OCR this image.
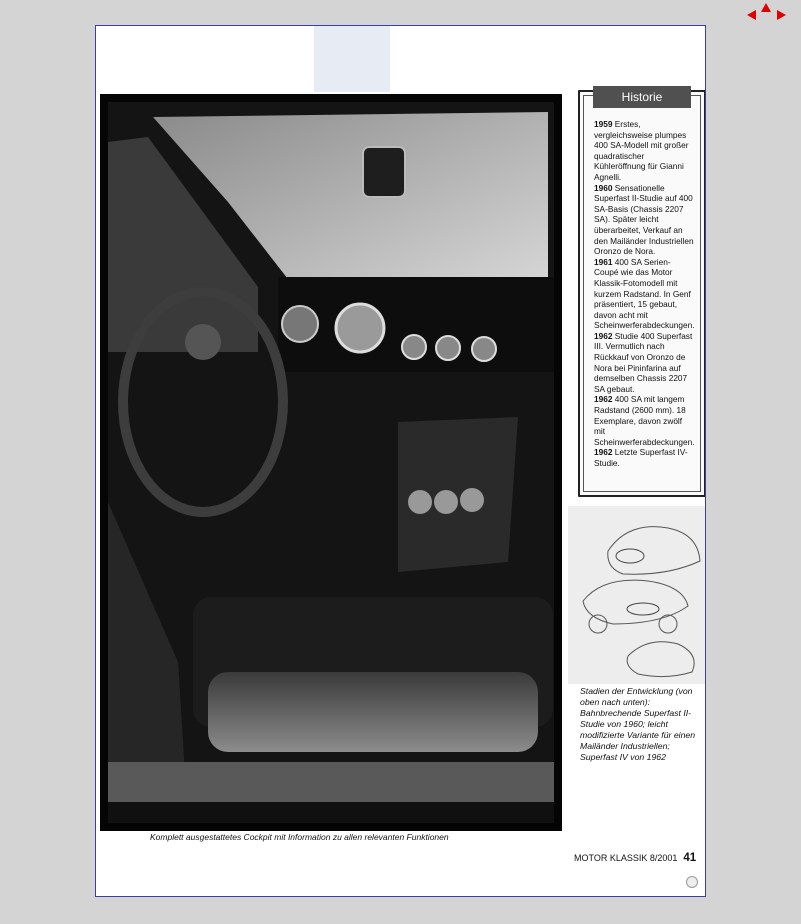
Historie

1959 Erstes, vergleichsweise plumpes 400 SA-Modell mit großer quadratischer Kühleröffnung für Gianni Agnelli.

1960 Sensationelle Superfast II-Studie auf 400 SA-Basis (Chassis 2207 SA). Später leicht überarbeitet, Verkauf an den Mailänder Industriellen Oronzo de Nora.

1961 400 SA Serien-Coupé wie das Motor Klassik-Fotomodell mit kurzem Radstand. In Genf präsentiert, 15 gebaut, davon acht mit Scheinwerferabdeckungen.

1962 Studie 400 Superfast III. Vermutlich nach Rückkauf von Oronzo de Nora bei Pininfarina auf demselben Chassis 2207 SA gebaut.

1962 400 SA mit langem Radstand (2600 mm). 18 Exemplare, davon zwölf mit Scheinwerferabdeckungen.

1962 Letzte Superfast IV-Studie.

Stadien der Entwicklung (von oben nach unten): Bahnbrechende Superfast II-Studie von 1960; leicht modifizierte Variante für einen Mailänder Industriellen; Superfast IV von 1962
Komplett ausgestattetes Cockpit mit Information zu allen relevanten Funktionen
MOTOR KLASSIK 8/2001 41
